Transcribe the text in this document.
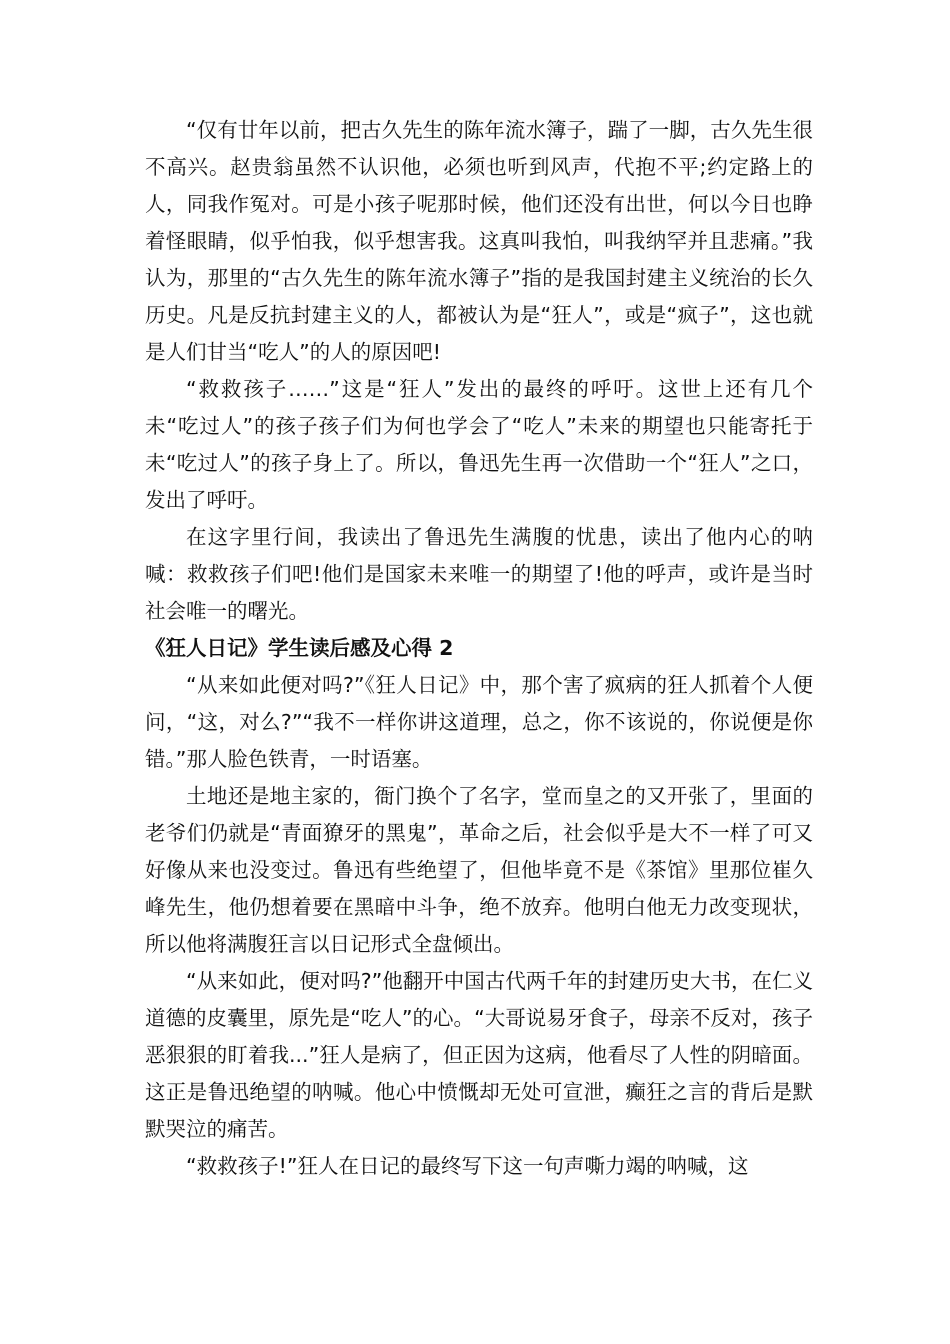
“仅有廿年以前，把古久先生的陈年流水簿子，踹了一脚，古久先生很不高兴。赵贵翁虽然不认识他，必须也听到风声，代抱不平;约定路上的人，同我作冤对。可是小孩子呢那时候，他们还没有出世，何以今日也睁着怪眼睛，似乎怕我，似乎想害我。这真叫我怕，叫我纳罕并且悲痛。”我认为，那里的“古久先生的陈年流水簿子”指的是我国封建主义统治的长久历史。凡是反抗封建主义的人，都被认为是“狂人”，或是“疯子”，这也就是人们甘当“吃人”的人的原因吧!

“救救孩子……”这是“狂人”发出的最终的呼吁。这世上还有几个未“吃过人”的孩子孩子们为何也学会了“吃人”未来的期望也只能寄托于未“吃过人”的孩子身上了。所以，鲁迅先生再一次借助一个“狂人”之口，发出了呼吁。

在这字里行间，我读出了鲁迅先生满腹的忧患，读出了他内心的呐喊：救救孩子们吧!他们是国家未来唯一的期望了!他的呼声，或许是当时社会唯一的曙光。

《狂人日记》学生读后感及心得 2

“从来如此便对吗?”《狂人日记》中，那个害了疯病的狂人抓着个人便问，“这，对么?”“我不一样你讲这道理，总之，你不该说的，你说便是你错。”那人脸色铁青，一时语塞。

土地还是地主家的，衙门换个了名字，堂而皇之的又开张了，里面的老爷们仍就是“青面獠牙的黑鬼”，革命之后，社会似乎是大不一样了可又好像从来也没变过。鲁迅有些绝望了，但他毕竟不是《茶馆》里那位崔久峰先生，他仍想着要在黑暗中斗争，绝不放弃。他明白他无力改变现状，所以他将满腹狂言以日记形式全盘倾出。

“从来如此，便对吗?”他翻开中国古代两千年的封建历史大书，在仁义道德的皮囊里，原先是“吃人”的心。“大哥说易牙食子，母亲不反对，孩子恶狠狠的盯着我...”狂人是病了，但正因为这病，他看尽了人性的阴暗面。这正是鲁迅绝望的呐喊。他心中愤慨却无处可宣泄，癫狂之言的背后是默默哭泣的痛苦。

“救救孩子!”狂人在日记的最终写下这一句声嘶力竭的呐喊，这
